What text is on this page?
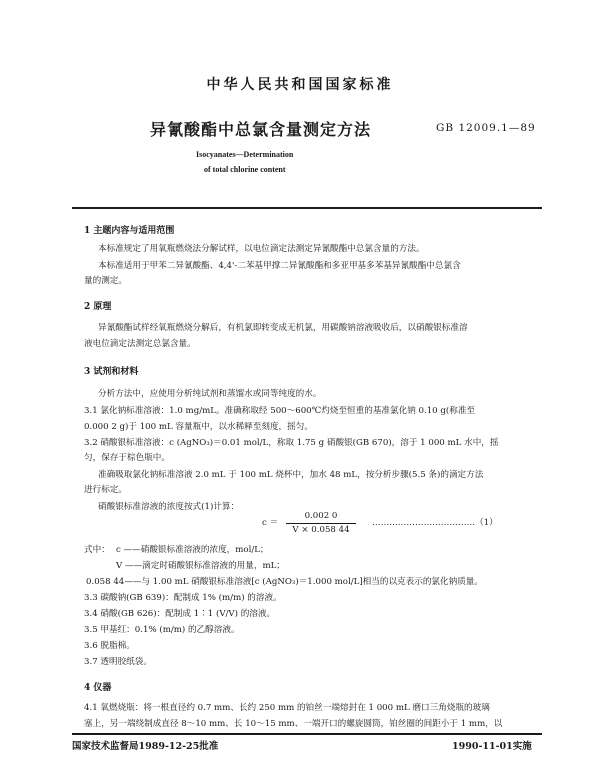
中华人民共和国国家标准
异氰酸酯中总氯含量测定方法	GB 12009.1—89
Isocyanates—Determination
of total chlorine content
1 主题内容与适用范围
本标准规定了用氧瓶燃烧法分解试样，以电位滴定法测定异氰酸酯中总氯含量的方法。
本标准适用于甲苯二异氰酸酯、4,4'-二苯基甲撑二异氰酸酯和多亚甲基多苯基异氰酸酯中总氯含
量的测定。
2 原理
异氰酸酯试样经氧瓶燃烧分解后，有机氯即转变成无机氯，用碳酸钠溶液吸收后，以硝酸银标准溶
液电位滴定法测定总氯含量。
3 试剂和材料
分析方法中，应使用分析纯试剂和蒸馏水或同等纯度的水。
3.1 氯化钠标准溶液：1.0 mg/mL。准确称取经 500～600℃灼烧至恒重的基准氯化钠 0.10 g(称准至
0.000 2 g)于 100 mL 容量瓶中，以水稀释至刻度，摇匀。
3.2 硝酸银标准溶液：c (AgNO₃)＝0.01 mol/L，称取 1.75 g 硝酸银(GB 670)，溶于 1 000 mL 水中，摇
匀，保存于棕色瓶中。
准确吸取氯化钠标准溶液 2.0 mL 于 100 mL 烧杯中，加水 48 mL，按分析步骤(5.5 条)的滴定方法
进行标定。
硝酸银标准溶液的浓度按式(1)计算：
c ＝
0.002 0
V × 0.058 44
………………………………（1）
式中： c ——硝酸银标准溶液的浓度，mol/L；
V ——滴定时硝酸银标准溶液的用量，mL；
0.058 44——与 1.00 mL 硝酸银标准溶液[c (AgNO₃)＝1.000 mol/L]相当的以克表示的氯化钠质量。
3.3 碳酸钠(GB 639)：配制成 1% (m/m) 的溶液。
3.4 硝酸(GB 626)：配制成 1∶1 (V/V) 的溶液。
3.5 甲基红：0.1% (m/m) 的乙醇溶液。
3.6 脱脂棉。
3.7 透明胶纸袋。
4 仪器
4.1 氧燃烧瓶：将一根直径约 0.7 mm、长约 250 mm 的铂丝一端熔封在 1 000 mL 磨口三角烧瓶的玻璃
塞上，另一端绕制成直径 8～10 mm、长 10～15 mm、一端开口的螺旋圆筒，铂丝圈的间距小于 1 mm，以
国家技术监督局1989-12-25批准	1990-11-01实施
